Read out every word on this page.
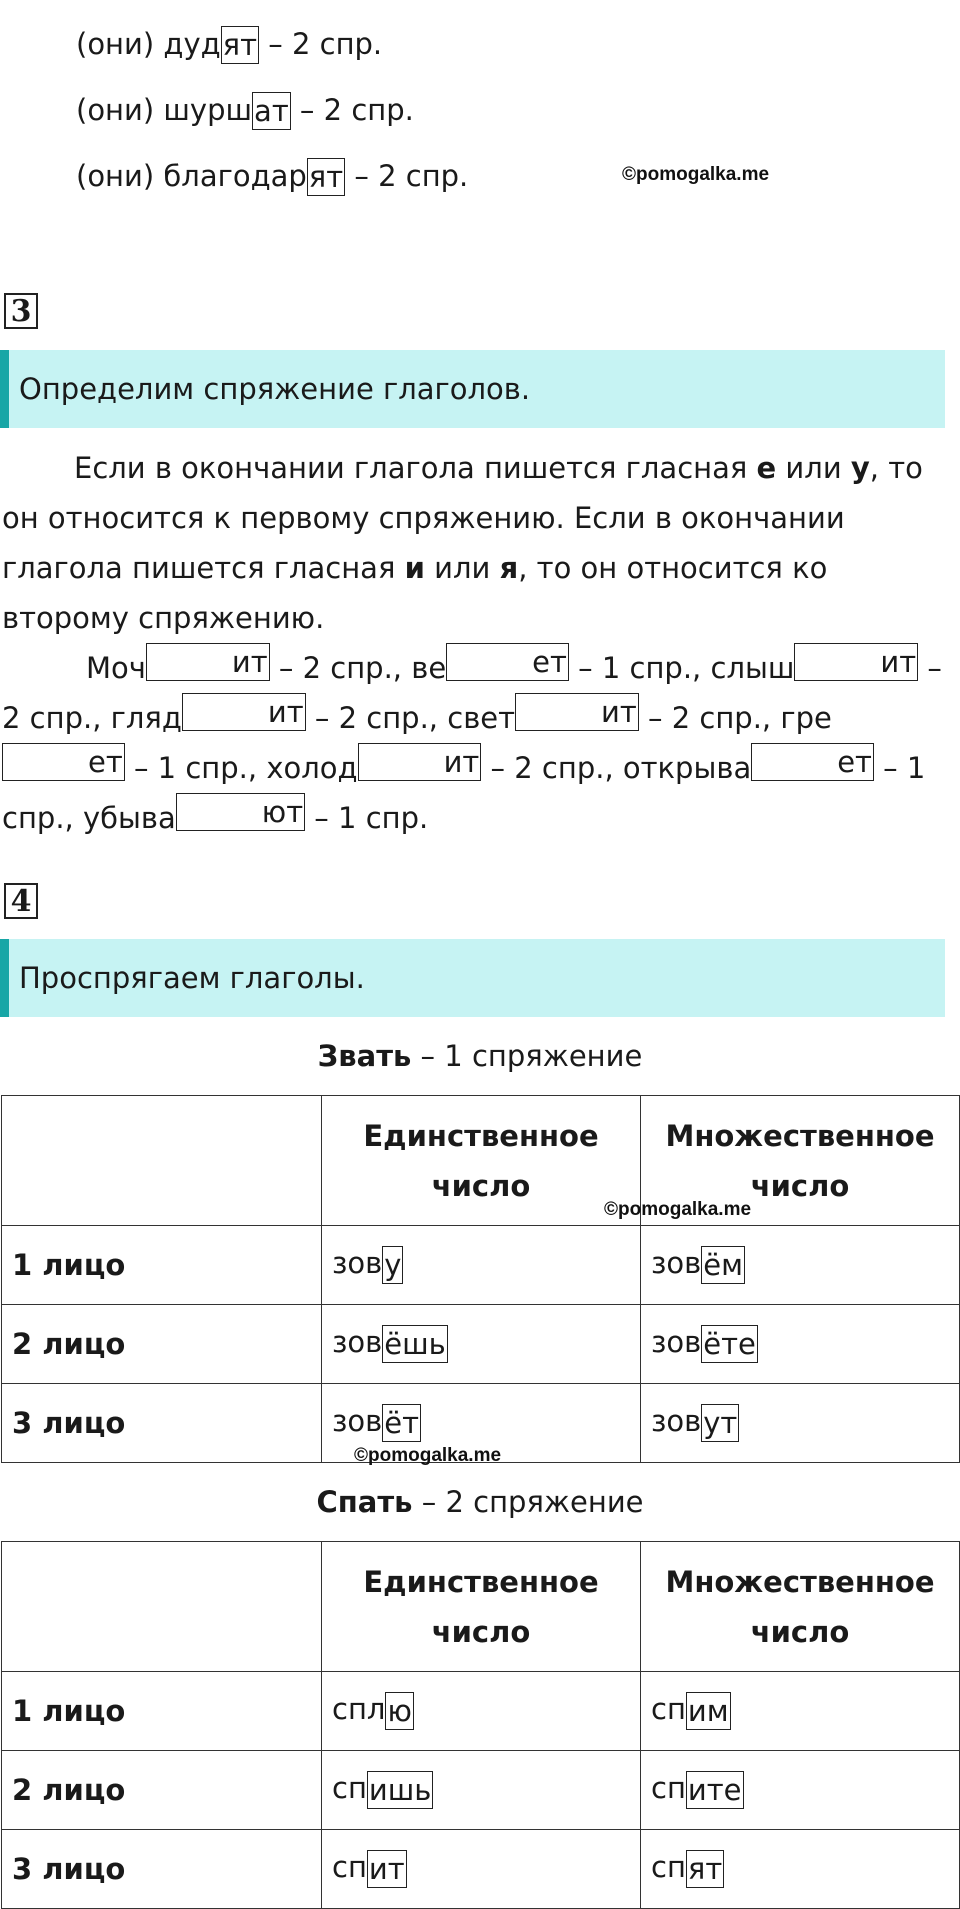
(они) дудят – 2 спр.
(они) шуршат – 2 спр.
(они) благодарят – 2 спр.	©pomogalka.me
3
Определим спряжение глаголов.

Если в окончании глагола пишется гласная е или у, то он относится к первому спряжению. Если в окончании глагола пишется гласная и или я, то он относится ко второму спряжению.

Моч	ит – 2 спр., ве	ет – 1 спр., слыш	ит – 2 спр., гляд	ит – 2 спр., свет	ит – 2 спр., греет – 1 спр., холод	ит – 2 спр., открыва	ет – 1 спр., убыва	ют – 1 спр.

4
Проспрягаем глаголы.
Звать – 1 спряжение
	Единственное число	Множественное число
1 лицо	зову	зовём
2 лицо	зовёшь	зовёте
3 лицо	зовёт	зовут
©pomogalka.me
©pomogalka.me
Спать – 2 спряжение
	Единственное число	Множественное число
1 лицо	сплю	спим
2 лицо	спишь	спите
3 лицо	спит	спят
